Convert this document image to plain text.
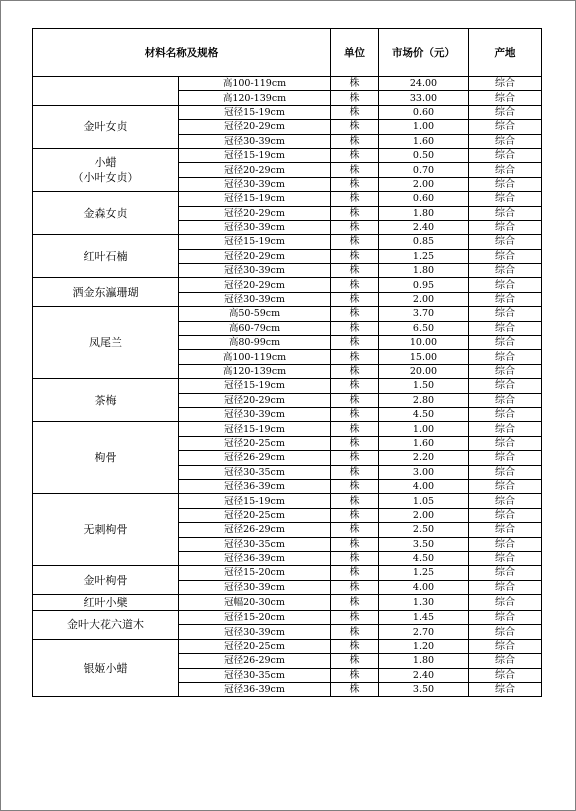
材料名称及规格		单位	市场价（元）	产地
	高100-119cm	株	24.00	综合
	高120-139cm	株	33.00	综合
金叶女贞	冠径15-19cm	株	0.60	综合
	冠径20-29cm	株	1.00	综合
	冠径30-39cm	株	1.60	综合
小蜡
（小叶女贞）	冠径15-19cm	株	0.50	综合
	冠径20-29cm	株	0.70	综合
	冠径30-39cm	株	2.00	综合
金森女贞	冠径15-19cm	株	0.60	综合
	冠径20-29cm	株	1.80	综合
	冠径30-39cm	株	2.40	综合
红叶石楠	冠径15-19cm	株	0.85	综合
	冠径20-29cm	株	1.25	综合
	冠径30-39cm	株	1.80	综合
洒金东瀛珊瑚	冠径20-29cm	株	0.95	综合
	冠径30-39cm	株	2.00	综合
凤尾兰	高50-59cm	株	3.70	综合
	高60-79cm	株	6.50	综合
	高80-99cm	株	10.00	综合
	高100-119cm	株	15.00	综合
	高120-139cm	株	20.00	综合
茶梅	冠径15-19cm	株	1.50	综合
	冠径20-29cm	株	2.80	综合
	冠径30-39cm	株	4.50	综合
枸骨	冠径15-19cm	株	1.00	综合
	冠径20-25cm	株	1.60	综合
	冠径26-29cm	株	2.20	综合
	冠径30-35cm	株	3.00	综合
	冠径36-39cm	株	4.00	综合
无刺枸骨	冠径15-19cm	株	1.05	综合
	冠径20-25cm	株	2.00	综合
	冠径26-29cm	株	2.50	综合
	冠径30-35cm	株	3.50	综合
	冠径36-39cm	株	4.50	综合
金叶枸骨	冠径15-20cm	株	1.25	综合
	冠径30-39cm	株	4.00	综合
红叶小檗	冠幅20-30cm	株	1.30	综合
金叶大花六道木	冠径15-20cm	株	1.45	综合
	冠径30-39cm	株	2.70	综合
银姬小蜡	冠径20-25cm	株	1.20	综合
	冠径26-29cm	株	1.80	综合
	冠径30-35cm	株	2.40	综合
	冠径36-39cm	株	3.50	综合
